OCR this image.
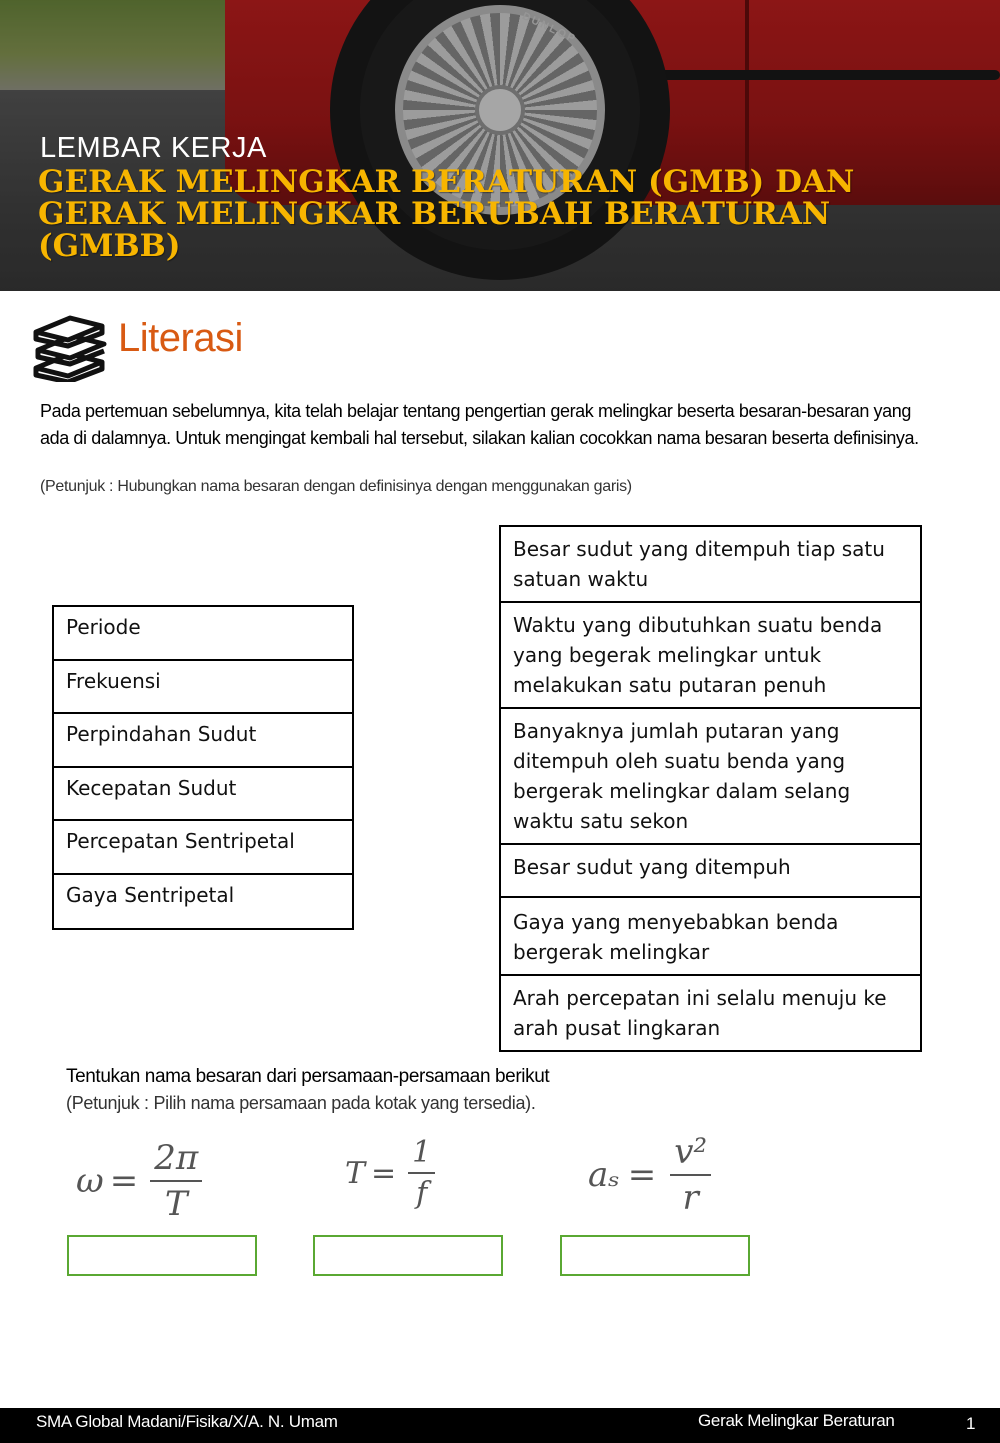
DUNLOP
LEMBAR KERJA
GERAK MELINGKAR BERATURAN (GMB) DAN GERAK MELINGKAR BERUBAH BERATURAN (GMBB)
Literasi
Pada pertemuan sebelumnya, kita telah belajar tentang pengertian gerak melingkar beserta besaran-besaran yang ada di dalamnya. Untuk mengingat kembali hal tersebut, silakan kalian cocokkan nama besaran beserta definisinya.
(Petunjuk : Hubungkan nama besaran dengan definisinya dengan menggunakan garis)
Periode
Frekuensi
Perpindahan Sudut
Kecepatan Sudut
Percepatan Sentripetal
Gaya Sentripetal
Besar sudut yang ditempuh tiap satu satuan waktu
Waktu yang dibutuhkan suatu benda yang begerak melingkar untuk melakukan satu putaran penuh
Banyaknya jumlah putaran yang ditempuh oleh suatu benda yang bergerak melingkar dalam selang waktu satu sekon
Besar sudut yang ditempuh
Gaya yang menyebabkan benda bergerak melingkar
Arah percepatan ini selalu menuju ke arah pusat lingkaran
Tentukan nama besaran dari persamaan-persamaan berikut
(Petunjuk : Pilih nama persamaan pada kotak yang tersedia).
$\omega = \frac{2\pi}{T}$	$T = \frac{1}{f}$	$a_s = \frac{\text{v²}}{r}$
SMA Global Madani/Fisika/X/A. N. Umam	Gerak Melingkar Beraturan	1
